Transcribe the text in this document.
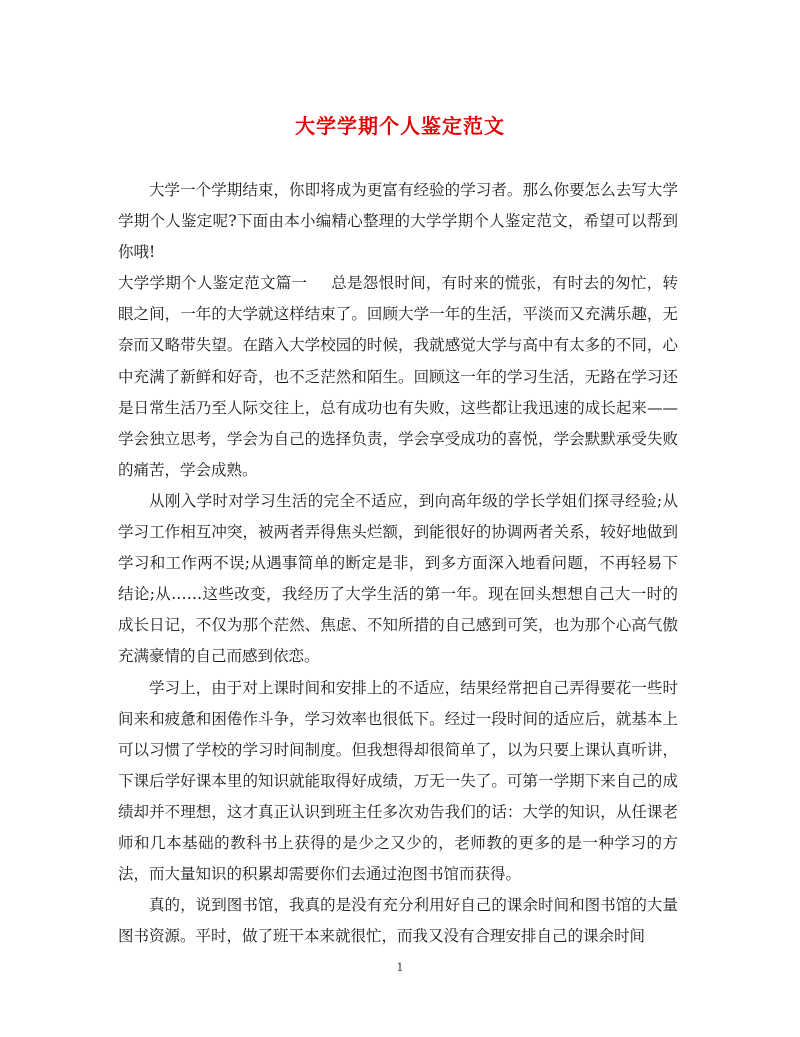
大学学期个人鉴定范文

大学一个学期结束，你即将成为更富有经验的学习者。那么你要怎么去写大学学期个人鉴定呢?下面由本小编精心整理的大学学期个人鉴定范文，希望可以帮到你哦!

大学学期个人鉴定范文篇一 总是怨恨时间，有时来的慌张，有时去的匆忙，转眼之间，一年的大学就这样结束了。回顾大学一年的生活，平淡而又充满乐趣，无奈而又略带失望。在踏入大学校园的时候，我就感觉大学与高中有太多的不同，心中充满了新鲜和好奇，也不乏茫然和陌生。回顾这一年的学习生活，无路在学习还是日常生活乃至人际交往上，总有成功也有失败，这些都让我迅速的成长起来——学会独立思考，学会为自己的选择负责，学会享受成功的喜悦，学会默默承受失败的痛苦，学会成熟。

从刚入学时对学习生活的完全不适应，到向高年级的学长学姐们探寻经验;从学习工作相互冲突，被两者弄得焦头烂额，到能很好的协调两者关系，较好地做到学习和工作两不误;从遇事简单的断定是非，到多方面深入地看问题，不再轻易下结论;从……这些改变，我经历了大学生活的第一年。现在回头想想自己大一时的成长日记，不仅为那个茫然、焦虑、不知所措的自己感到可笑，也为那个心高气傲充满豪情的自己而感到依恋。

学习上，由于对上课时间和安排上的不适应，结果经常把自己弄得要花一些时间来和疲惫和困倦作斗争，学习效率也很低下。经过一段时间的适应后，就基本上可以习惯了学校的学习时间制度。但我想得却很简单了，以为只要上课认真听讲，下课后学好课本里的知识就能取得好成绩，万无一失了。可第一学期下来自己的成绩却并不理想，这才真正认识到班主任多次劝告我们的话：大学的知识，从任课老师和几本基础的教科书上获得的是少之又少的，老师教的更多的是一种学习的方法，而大量知识的积累却需要你们去通过泡图书馆而获得。

真的，说到图书馆，我真的是没有充分利用好自己的课余时间和图书馆的大量图书资源。平时，做了班干本来就很忙，而我又没有合理安排自己的课余时间

1
